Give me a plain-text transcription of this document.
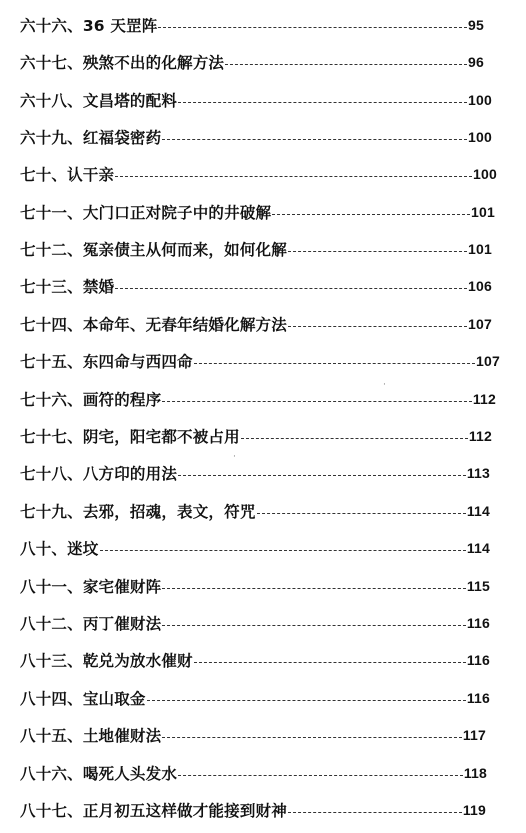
六十六、 36 天罡阵	95
六十七、 殃煞不出的化解方法	96
六十八、 文昌塔的配料	100
六十九、 红福袋密药	100
七十、 认干亲	100
七十一、 大门口正对院子中的井破解	101
七十二、 冤亲债主从何而来，如何化解	101
七十三、 禁婚	106
七十四、 本命年、无春年结婚化解方法	107
七十五、 东四命与西四命	107
七十六、 画符的程序	112
七十七、 阴宅，阳宅都不被占用	112
七十八、 八方印的用法	113
七十九、 去邪，招魂，表文，符咒	114
八十、 迷坟	114
八十一、 家宅催财阵	115
八十二、 丙丁催财法	116
八十三、 乾兑为放水催财	116
八十四、 宝山取金	116
八十五、 土地催财法	117
八十六、 喝死人头发水	118
八十七、 正月初五这样做才能接到财神	119
·
·
